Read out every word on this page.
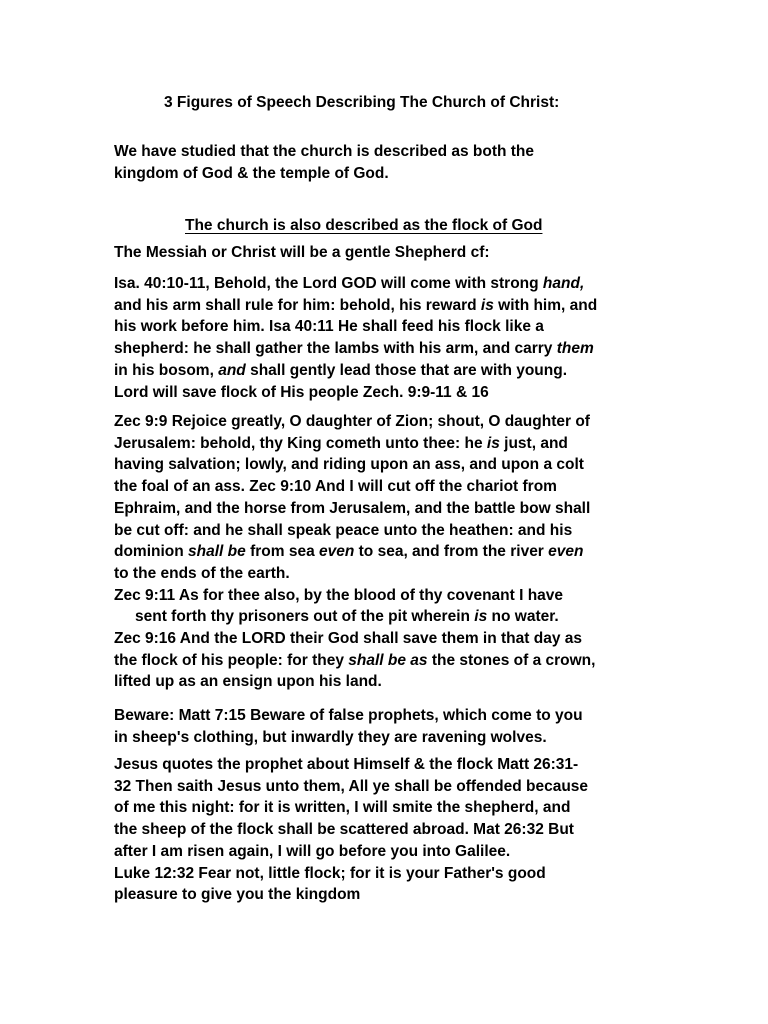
3 Figures of Speech Describing The Church of Christ:
We have studied that the church is described as both the
kingdom of God & the temple of God.
The church is also described as the flock of God
The Messiah or Christ will be a gentle Shepherd cf:
Isa. 40:10-11, Behold, the Lord GOD will come with strong hand,
and his arm shall rule for him: behold, his reward is with him, and
his work before him. Isa 40:11 He shall feed his flock like a
shepherd: he shall gather the lambs with his arm, and carry them
in his bosom, and shall gently lead those that are with young.
Lord will save flock of His people Zech. 9:9-11 & 16
Zec 9:9 Rejoice greatly, O daughter of Zion; shout, O daughter of
Jerusalem: behold, thy King cometh unto thee: he is just, and
having salvation; lowly, and riding upon an ass, and upon a colt
the foal of an ass. Zec 9:10 And I will cut off the chariot from
Ephraim, and the horse from Jerusalem, and the battle bow shall
be cut off: and he shall speak peace unto the heathen: and his
dominion shall be from sea even to sea, and from the river even
to the ends of the earth.
Zec 9:11 As for thee also, by the blood of thy covenant I have
sent forth thy prisoners out of the pit wherein is no water.
Zec 9:16 And the LORD their God shall save them in that day as
the flock of his people: for they shall be as the stones of a crown,
lifted up as an ensign upon his land.
Beware: Matt 7:15 Beware of false prophets, which come to you
in sheep's clothing, but inwardly they are ravening wolves.
Jesus quotes the prophet about Himself & the flock Matt 26:31-
32 Then saith Jesus unto them, All ye shall be offended because
of me this night: for it is written, I will smite the shepherd, and
the sheep of the flock shall be scattered abroad. Mat 26:32 But
after I am risen again, I will go before you into Galilee.
Luke 12:32 Fear not, little flock; for it is your Father's good
pleasure to give you the kingdom
